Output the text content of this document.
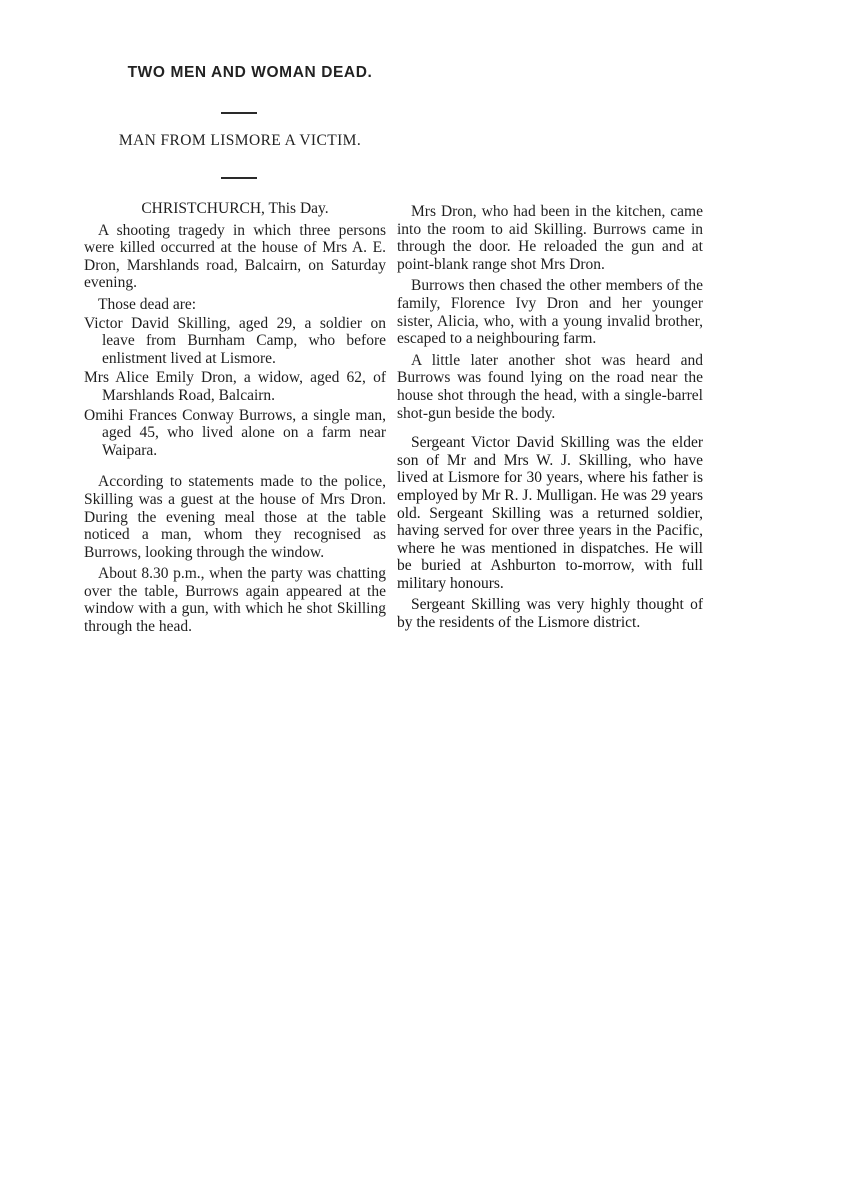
TWO MEN AND WOMAN DEAD.
MAN FROM LISMORE A VICTIM.

CHRISTCHURCH, This Day.

A shooting tragedy in which three persons were killed occurred at the house of Mrs A. E. Dron, Marshlands road, Balcairn, on Saturday evening.

Those dead are:

Victor David Skilling, aged 29, a soldier on leave from Burnham Camp, who before enlistment lived at Lismore.
Mrs Alice Emily Dron, a widow, aged 62, of Marshlands Road, Balcairn.
Omihi Frances Conway Burrows, a single man, aged 45, who lived alone on a farm near Waipara.

According to statements made to the police, Skilling was a guest at the house of Mrs Dron. During the evening meal those at the table noticed a man, whom they recognised as Burrows, looking through the window.

About 8.30 p.m., when the party was chatting over the table, Burrows again appeared at the window with a gun, with which he shot Skilling through the head.

Mrs Dron, who had been in the kitchen, came into the room to aid Skilling. Burrows came in through the door. He reloaded the gun and at point-blank range shot Mrs Dron.

Burrows then chased the other members of the family, Florence Ivy Dron and her younger sister, Alicia, who, with a young invalid brother, escaped to a neighbouring farm.

A little later another shot was heard and Burrows was found lying on the road near the house shot through the head, with a single-barrel shot-gun beside the body.

Sergeant Victor David Skilling was the elder son of Mr and Mrs W. J. Skilling, who have lived at Lismore for 30 years, where his father is employed by Mr R. J. Mulligan. He was 29 years old. Sergeant Skilling was a returned soldier, having served for over three years in the Pacific, where he was mentioned in dispatches. He will be buried at Ashburton to-morrow, with full military honours.

Sergeant Skilling was very highly thought of by the residents of the Lismore district.
